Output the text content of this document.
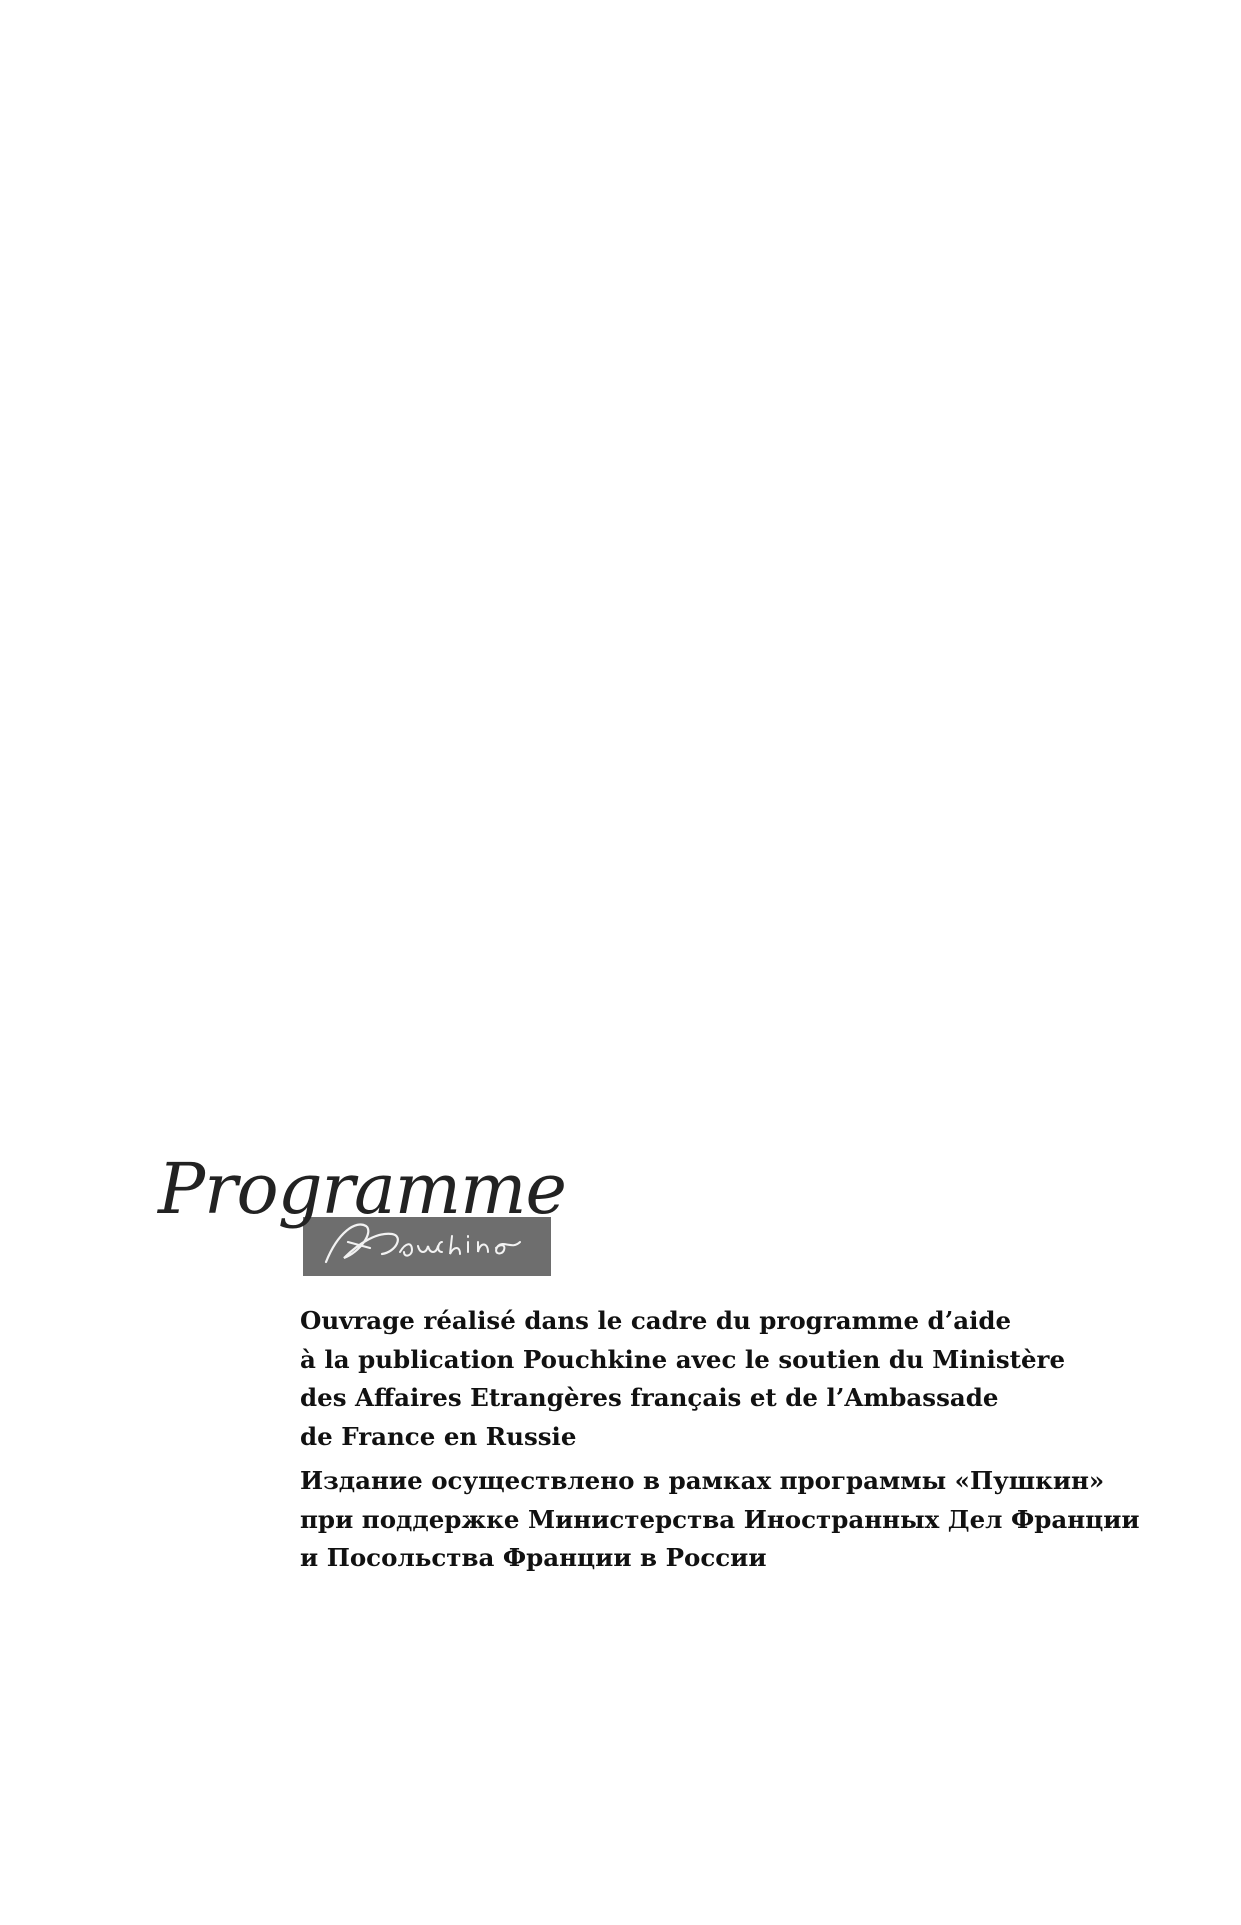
Programme
Ouvrage réalisé dans le cadre du programme d’aide
à la publication Pouchkine avec le soutien du Ministère
des Affaires Etrangères français et de l’Ambassade
de France en Russie
Издание осуществлено в рамках программы «Пушкин»
при поддержке Министерства Иностранных Дел Франции
и Посольства Франции в России
